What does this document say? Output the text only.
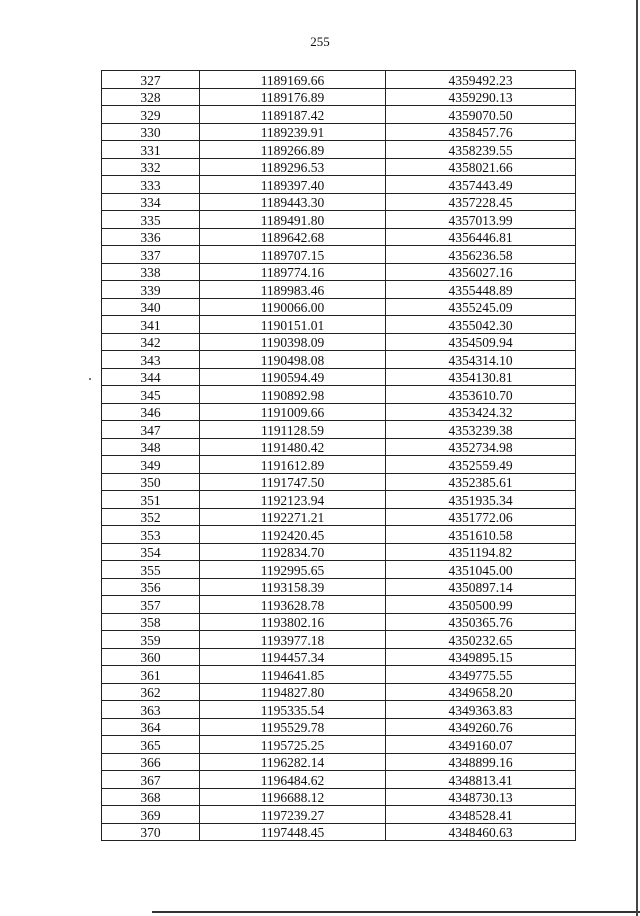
255
327	1189169.66	4359492.23
328	1189176.89	4359290.13
329	1189187.42	4359070.50
330	1189239.91	4358457.76
331	1189266.89	4358239.55
332	1189296.53	4358021.66
333	1189397.40	4357443.49
334	1189443.30	4357228.45
335	1189491.80	4357013.99
336	1189642.68	4356446.81
337	1189707.15	4356236.58
338	1189774.16	4356027.16
339	1189983.46	4355448.89
340	1190066.00	4355245.09
341	1190151.01	4355042.30
342	1190398.09	4354509.94
343	1190498.08	4354314.10
344	1190594.49	4354130.81
345	1190892.98	4353610.70
346	1191009.66	4353424.32
347	1191128.59	4353239.38
348	1191480.42	4352734.98
349	1191612.89	4352559.49
350	1191747.50	4352385.61
351	1192123.94	4351935.34
352	1192271.21	4351772.06
353	1192420.45	4351610.58
354	1192834.70	4351194.82
355	1192995.65	4351045.00
356	1193158.39	4350897.14
357	1193628.78	4350500.99
358	1193802.16	4350365.76
359	1193977.18	4350232.65
360	1194457.34	4349895.15
361	1194641.85	4349775.55
362	1194827.80	4349658.20
363	1195335.54	4349363.83
364	1195529.78	4349260.76
365	1195725.25	4349160.07
366	1196282.14	4348899.16
367	1196484.62	4348813.41
368	1196688.12	4348730.13
369	1197239.27	4348528.41
370	1197448.45	4348460.63
